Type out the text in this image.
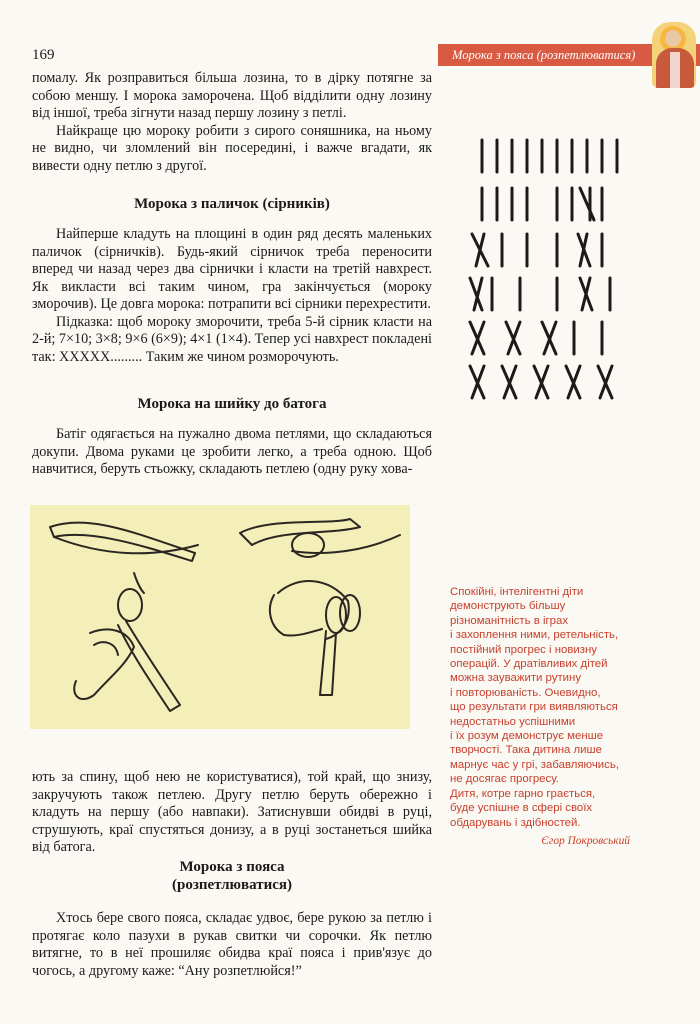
169	Морока з пояса (розпетлюватися)

помалу. Як розправиться більша лозина, то в дірку потягне за собою меншу. І морока заморочена. Щоб відділити одну лозину від іншої, треба зігнути назад першу лозину з петлі.

Найкраще цю мороку робити з сирого соняшника, на ньому не видно, чи зломлений він посередині, і важче вгадати, як вивести одну петлю з другої.

Морока з паличок (сірників)

Найперше кладуть на площині в один ряд десять маленьких паличок (сірничків). Будь-який сірничок треба переносити вперед чи назад через два сірнички і класти на третій навхрест. Як викласти всі таким чином, гра закінчується (мороку зморочив). Це довга морока: потрапити всі сірники перехрестити.

Підказка: щоб мороку зморочити, треба 5-й сірник класти на 2-й; 7×10; 3×8; 9×6 (6×9); 4×1 (1×4). Тепер усі навхрест покладені так: XXXXX......... Таким же чином розморочують.

Морока на шийку до батога

Батіг одягається на пужално двома петлями, що складаються докупи. Двома руками це зробити легко, а треба одною. Щоб навчитися, беруть стьожку, складають петлею (одну руку хова-

ють за спину, щоб нею не користуватися), той край, що знизу, закручують також петлею. Другу петлю беруть обережно і кладуть на першу (або навпаки). Затиснувши обидві в руці, струшують, краї спустяться донизу, а в руці зостанеться шийка від батога.

Морока з пояса
(розпетлюватися)

Хтось бере свого пояса, складає удвоє, бере рукою за петлю і протягає коло пазухи в рукав свитки чи сорочки. Як петлю витягне, то в неї прошиляє обидва краї пояса і прив'язує до чогось, а другому каже: “Ану розпетлюйся!”

Спокійні, інтелігентні діти
демонструють більшу
різноманітність в іграх
і захоплення ними, ретельність,
постійний прогрес і новизну
операцій. У дратівливих дітей
можна зауважити рутину
і повторюваність. Очевидно,
що результати гри виявляються
недостатньо успішними
і їх розум демонструє менше
творчості. Така дитина лише
марнує час у грі, забавляючись,
не досягає прогресу.
Дитя, котре гарно грається,
буде успішне в сфері своїх
обдарувань і здібностей.
Єгор Покровський
